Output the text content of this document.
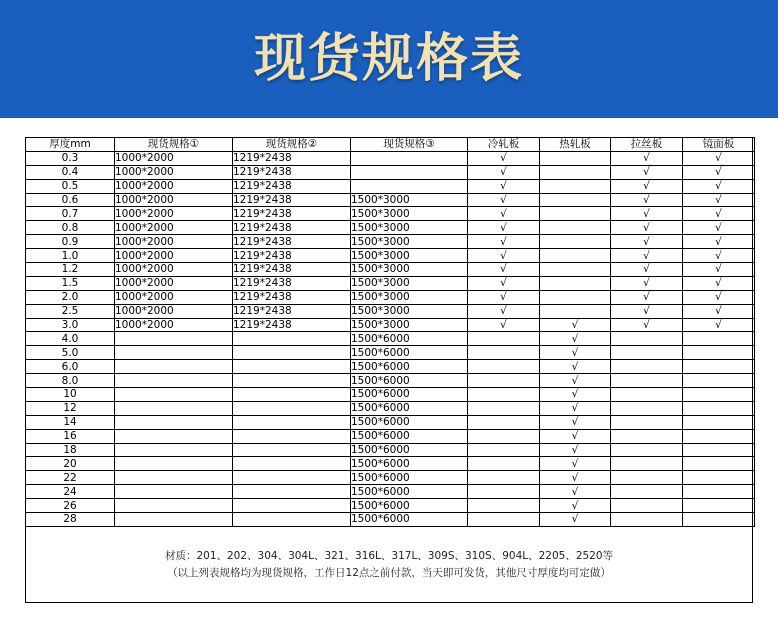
现货规格表
厚度mm	现货规格①	现货规格②	现货规格③	冷轧板	热轧板	拉丝板	镜面板
0.3	1000*2000	1219*2438		√		√	√
0.4	1000*2000	1219*2438		√		√	√
0.5	1000*2000	1219*2438		√		√	√
0.6	1000*2000	1219*2438	1500*3000	√		√	√
0.7	1000*2000	1219*2438	1500*3000	√		√	√
0.8	1000*2000	1219*2438	1500*3000	√		√	√
0.9	1000*2000	1219*2438	1500*3000	√		√	√
1.0	1000*2000	1219*2438	1500*3000	√		√	√
1.2	1000*2000	1219*2438	1500*3000	√		√	√
1.5	1000*2000	1219*2438	1500*3000	√		√	√
2.0	1000*2000	1219*2438	1500*3000	√		√	√
2.5	1000*2000	1219*2438	1500*3000	√		√	√
3.0	1000*2000	1219*2438	1500*3000	√	√	√	√
4.0			1500*6000		√		
5.0			1500*6000		√		
6.0			1500*6000		√		
8.0			1500*6000		√		
10			1500*6000		√		
12			1500*6000		√		
14			1500*6000		√		
16			1500*6000		√		
18			1500*6000		√		
20			1500*6000		√		
22			1500*6000		√		
24			1500*6000		√		
26			1500*6000		√		
28			1500*6000		√		
材质：201、202、304、304L、321、316L、317L、309S、310S、904L、2205、2520等
（以上列表规格均为现货规格，工作日12点之前付款，当天即可发货，其他尺寸厚度均可定做）
